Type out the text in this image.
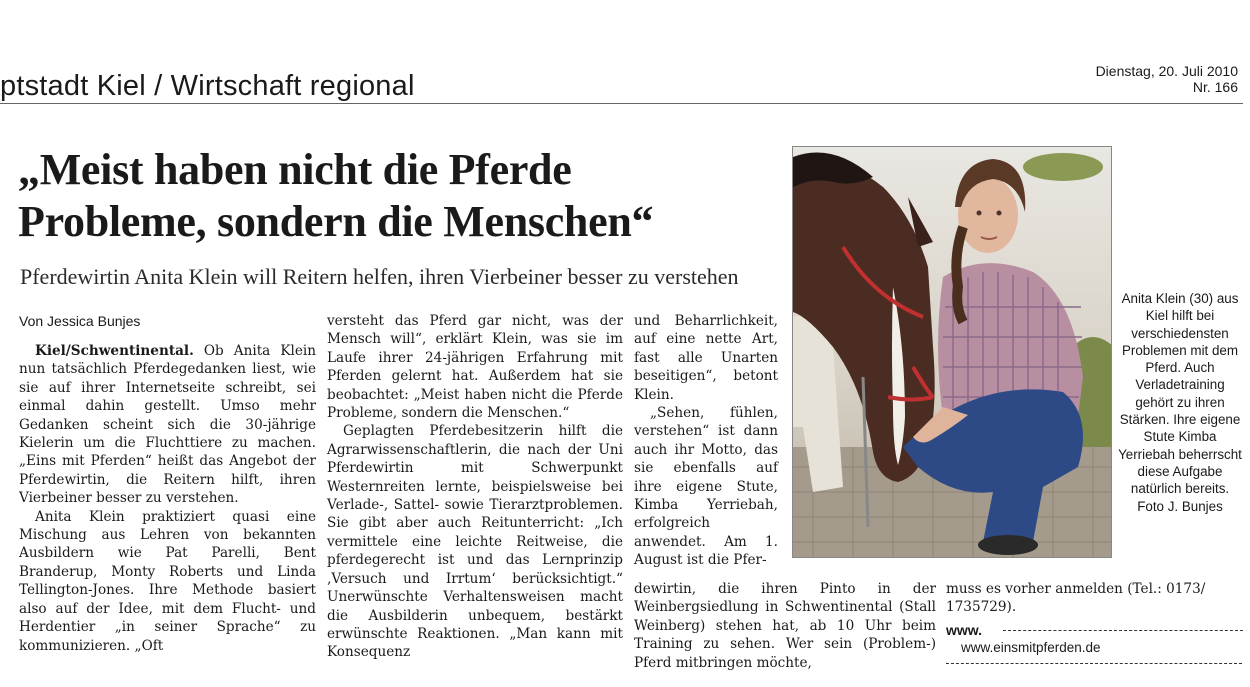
ptstadt Kiel / Wirtschaft regional	Dienstag, 20. Juli 2010
Nr. 166
„Meist haben nicht die Pferde
Probleme, sondern die Menschen“
Pferdewirtin Anita Klein will Reitern helfen, ihren Vierbeiner besser zu verstehen

Von Jessica Bunjes

Kiel/Schwentinental. Ob Anita Klein nun tatsächlich Pferdegedanken liest, wie sie auf ihrer Internetseite schreibt, sei einmal dahin gestellt. Umso mehr Gedanken scheint sich die 30-jährige Kielerin um die Fluchttiere zu machen. „Eins mit Pferden“ heißt das Angebot der Pferdewirtin, die Reitern hilft, ihren Vierbeiner besser zu verstehen.

Anita Klein praktiziert quasi eine Mischung aus Lehren von bekannten Ausbildern wie Pat Parelli, Bent Branderup, Monty Roberts und Linda Tellington-Jones. Ihre Methode basiert also auf der Idee, mit dem Flucht- und Herdentier „in seiner Sprache“ zu kommunizieren. „Oft

versteht das Pferd gar nicht, was der Mensch will“, erklärt Klein, was sie im Laufe ihrer 24-jährigen Erfahrung mit Pferden gelernt hat. Außerdem hat sie beobachtet: „Meist haben nicht die Pferde Probleme, sondern die Menschen.“

Geplagten Pferdebesitzerin hilft die Agrarwissenschaftlerin, die nach der Uni Pferdewirtin mit Schwerpunkt Westernreiten lernte, beispielsweise bei Verlade-, Sattel- sowie Tierarztproblemen. Sie gibt aber auch Reitunterricht: „Ich vermittele eine leichte Reitweise, die pferdegerecht ist und das Lernprinzip ‚Versuch und Irrtum‘ berücksichtigt.“ Unerwünschte Verhaltensweisen macht die Ausbilderin unbequem, bestärkt erwünschte Reaktionen. „Man kann mit Konsequenz

und Beharrlichkeit, auf eine nette Art, fast alle Unarten beseitigen“, betont Klein.

„Sehen, fühlen, verstehen“ ist dann auch ihr Motto, das sie ebenfalls auf ihre eigene Stute, Kimba Yerriebah, erfolgreich anwendet. Am 1. August ist die Pfer-

dewirtin, die ihren Pinto in der Weinbergsiedlung in Schwentinental (Stall Weinberg) stehen hat, ab 10 Uhr beim Training zu sehen. Wer sein (Problem-) Pferd mitbringen möchte,

muss es vorher anmelden (Tel.: 0173/ 1735729).
www.
www.einsmitpferden.de
Anita Klein (30) aus Kiel hilft bei verschiedensten Problemen mit dem Pferd. Auch Verladetraining gehört zu ihren Stärken. Ihre eigene Stute Kimba Yerriebah beherrscht diese Aufgabe natürlich bereits. Foto J. Bunjes
